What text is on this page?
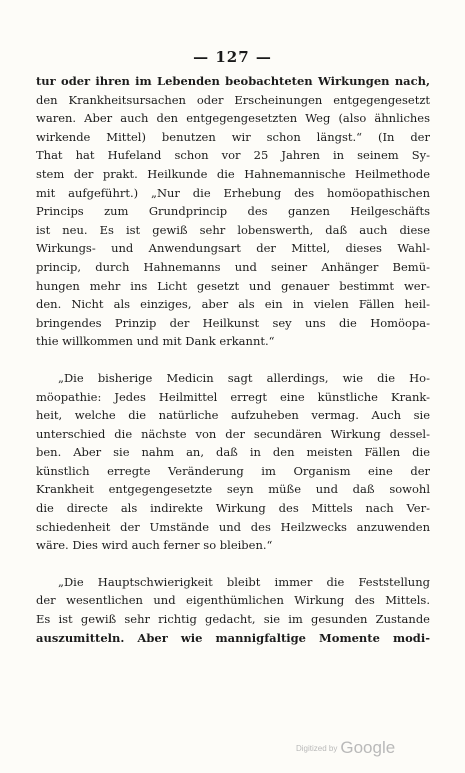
— 127 —
tur oder ihren im Lebenden beobachteten Wirkungen nach,
den Krankheitsursachen oder Erscheinungen entgegengesetzt
waren. Aber auch den entgegengesetzten Weg (also ähnliches
wirkende Mittel) benutzen wir schon längst.“ (In der
That hat Hufeland schon vor 25 Jahren in seinem Sy-
stem der prakt. Heilkunde die Hahnemannische Heilmethode
mit aufgeführt.) „Nur die Erhebung des homöopathischen
Princips zum Grundprincip des ganzen Heilgeschäfts
ist neu. Es ist gewiß sehr lobenswerth, daß auch diese
Wirkungs- und Anwendungsart der Mittel, dieses Wahl-
princip, durch Hahnemanns und seiner Anhänger Bemü-
hungen mehr ins Licht gesetzt und genauer bestimmt wer-
den. Nicht als einziges, aber als ein in vielen Fällen heil-
bringendes Prinzip der Heilkunst sey uns die Homöopa-
thie willkommen und mit Dank erkannt.“
„Die bisherige Medicin sagt allerdings, wie die Ho-
möopathie: Jedes Heilmittel erregt eine künstliche Krank-
heit, welche die natürliche aufzuheben vermag. Auch sie
unterschied die nächste von der secundären Wirkung dessel-
ben. Aber sie nahm an, daß in den meisten Fällen die
künstlich erregte Veränderung im Organism eine der
Krankheit entgegengesetzte seyn müße und daß sowohl
die directe als indirekte Wirkung des Mittels nach Ver-
schiedenheit der Umstände und des Heilzwecks anzuwenden
wäre. Dies wird auch ferner so bleiben.“
„Die Hauptschwierigkeit bleibt immer die Feststellung
der wesentlichen und eigenthümlichen Wirkung des Mittels.
Es ist gewiß sehr richtig gedacht, sie im gesunden Zustande
auszumitteln. Aber wie mannigfaltige Momente modi-
Digitized by Google
